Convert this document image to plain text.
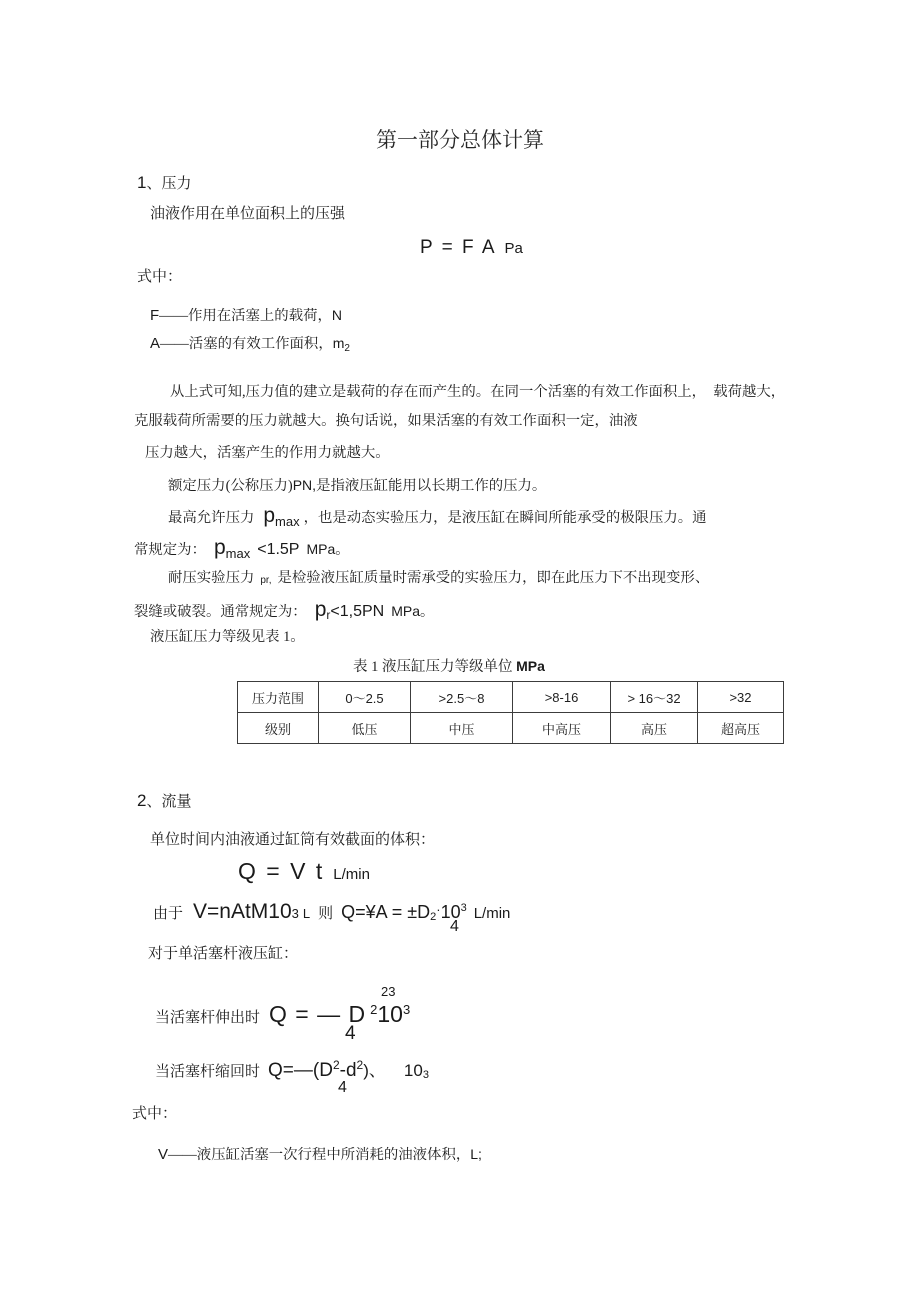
第一部分总体计算
1、压力
油液作用在单位面积上的压强
P = F A Pa
式中：
F——作用在活塞上的载荷，N
A——活塞的有效工作面积，m2
从上式可知,压力值的建立是载荷的存在而产生的。在同一个活塞的有效工作面积上，　载荷越大，
克服载荷所需要的压力就越大。换句话说，如果活塞的有效工作面积一定，油液
压力越大，活塞产生的作用力就越大。
额定压力(公称压力)PN,是指液压缸能用以长期工作的压力。
最高允许压力 $p_{max}$ ，也是动态实验压力，是液压缸在瞬间所能承受的极限压力。通
常规定为： $p_{max} <1.5P$ MPa。
耐压实验压力 pr, 是检验液压缸质量时需承受的实验压力，即在此压力下不出现变形、
裂缝或破裂。通常规定为： pr<1,5PN MPa。
液压缸压力等级见表 1。
表 1 液压缸压力等级单位 MPa
压力范围	0～2.5	>2.5～8	>8-16	> 16～32	>32
级别	低压	中压	中高压	高压	超高压
2、流量
单位时间内油液通过缸筒有效截面的体积：
Q = V t L/min
由于 V=nAtM103 L 则 Q=¥A = $\pm D2^\cdot 10^3$ L/min
4
对于单活塞杆液压缸：
23
当活塞杆伸出时 Q = — D $^210^3$
4
当活塞杆缩回时 $Q=—(D^2-d^2)$、 103
4
式中：
V——液压缸活塞一次行程中所消耗的油液体积，L;
